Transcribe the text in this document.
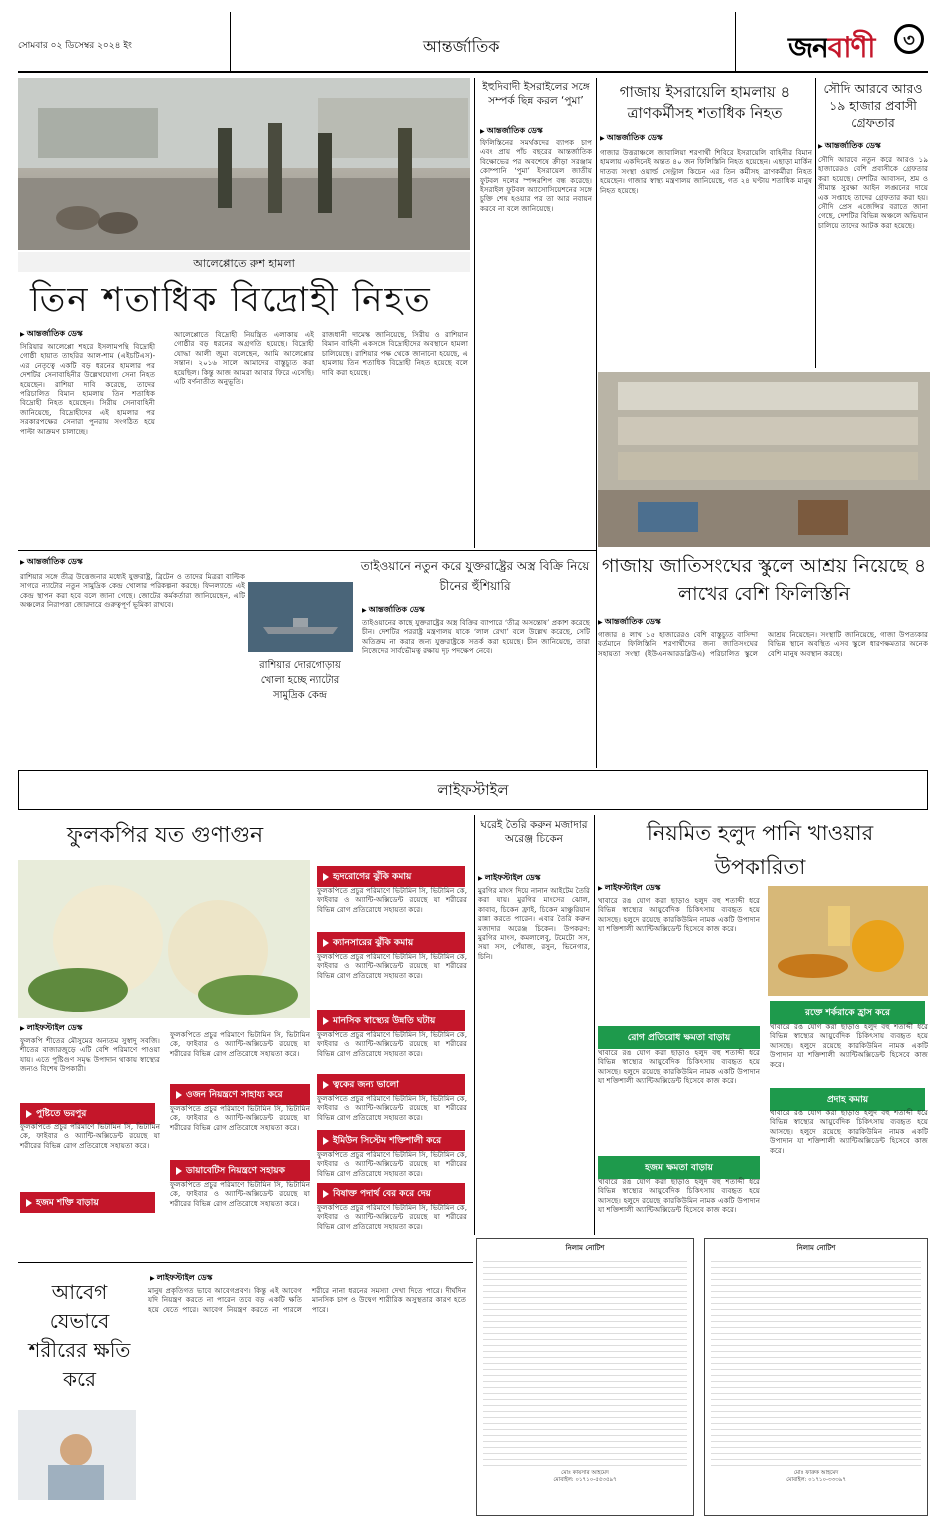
সোমবার ০২ ডিসেম্বর ২০২৪ ইং	আন্তর্জাতিক	জনবাণী	৩
আলেপ্পোতে রুশ হামলা
তিন শতাধিক বিদ্রোহী নিহত
▶ আন্তর্জাতিক ডেস্ক
সিরিয়ার আলেপ্পো শহরে ইসলামপন্থি বিদ্রোহী গোষ্ঠী হায়াত তাহরির আল-শাম (এইচটিএস)-এর নেতৃত্বে একটি বড় ধরনের হামলার পর দেশটির সেনাবাহিনীর উল্লেখযোগ্য সেনা নিহত হয়েছেন। রাশিয়া দাবি করেছে, তাদের পরিচালিত বিমান হামলায় তিন শতাধিক বিদ্রোহী নিহত হয়েছেন। সিরীয় সেনাবাহিনী জানিয়েছে, বিদ্রোহীদের এই হামলার পর সরকারপক্ষের সেনারা পুনরায় সংগঠিত হয়ে পাল্টা আক্রমণ চালাচ্ছে।
আলেপ্পোতে বিদ্রোহী নিয়ন্ত্রিত এলাকায় এই গোষ্ঠীর বড় ধরনের অগ্রগতি হয়েছে। বিদ্রোহী যোদ্ধা আলী জুমা বলেছেন, আমি আলেপ্পোর সন্তান। ২০১৬ সালে আমাদের বাস্তুচ্যুত করা হয়েছিল। কিন্তু আজ আমরা আবার ফিরে এসেছি। এটি বর্ণনাতীত অনুভূতি।
রাজধানী দামেস্ক জানিয়েছে, সিরীয় ও রাশিয়ান বিমান বাহিনী একসঙ্গে বিদ্রোহীদের অবস্থানে হামলা চালিয়েছে। রাশিয়ার পক্ষ থেকে জানানো হয়েছে, এ হামলায় তিন শতাধিক বিদ্রোহী নিহত হয়েছে বলে দাবি করা হয়েছে।
ইহুদিবাদী ইসরাইলের সঙ্গে সম্পর্ক ছিন্ন করল ‘পুমা’
▶ আন্তর্জাতিক ডেস্ক
ফিলিস্তিনের সমর্থকদের ব্যাপক চাপ এবং প্রায় পাঁচ বছরের আন্তর্জাতিক বিক্ষোভের পর অবশেষে ক্রীড়া সরঞ্জাম কোম্পানি ‘পুমা’ ইসরায়েল জাতীয় ফুটবল দলের স্পন্সরশিপ বন্ধ করেছে। ইসরাইল ফুটবল অ্যাসোসিয়েশনের সঙ্গে চুক্তি শেষ হওয়ার পর তা আর নবায়ন করবে না বলে জানিয়েছে।
গাজায় ইসরায়েলি হামলায় ৪ ত্রাণকর্মীসহ শতাধিক নিহত
▶ আন্তর্জাতিক ডেস্ক
গাজার উত্তরাঞ্চলে জাবালিয়া শরণার্থী শিবিরে ইসরায়েলি বাহিনীর বিমান হামলায় একদিনেই অন্তত ৪০ জন ফিলিস্তিনি নিহত হয়েছেন। এছাড়া মার্কিন দাতব্য সংস্থা ওয়ার্ল্ড সেন্ট্রাল কিচেন এর তিন কর্মীসহ ত্রাণকর্মীরা নিহত হয়েছেন। গাজার স্বাস্থ্য মন্ত্রণালয় জানিয়েছে, গত ২৪ ঘণ্টায় শতাধিক মানুষ নিহত হয়েছে।
সৌদি আরবে আরও ১৯ হাজার প্রবাসী গ্রেফতার
▶ আন্তর্জাতিক ডেস্ক
সৌদি আরবে নতুন করে আরও ১৯ হাজারেরও বেশি প্রবাসীকে গ্রেফতার করা হয়েছে। দেশটির আবাসন, শ্রম ও সীমান্ত সুরক্ষা আইন লঙ্ঘনের দায়ে এক সপ্তাহে তাদের গ্রেফতার করা হয়। সৌদি প্রেস এজেন্সির বরাতে জানা গেছে, দেশটির বিভিন্ন অঞ্চলে অভিযান চালিয়ে তাদের আটক করা হয়েছে।
গাজায় জাতিসংঘের স্কুলে আশ্রয় নিয়েছে ৪ লাখের বেশি ফিলিস্তিনি
▶ আন্তর্জাতিক ডেস্ক
গাজার ৪ লাখ ১৫ হাজারেরও বেশি বাস্তুচ্যুত বাসিন্দা বর্তমানে ফিলিস্তিনি শরণার্থীদের জন্য জাতিসংঘের সহায়তা সংস্থা (ইউএনআরডব্লিউএ) পরিচালিত স্কুলে আশ্রয় নিয়েছেন। সংস্থাটি জানিয়েছে, গাজা উপত্যকার বিভিন্ন স্থানে অবস্থিত এসব স্কুলে ধারণক্ষমতার অনেক বেশি মানুষ অবস্থান করছে।
▶ আন্তর্জাতিক ডেস্ক
রাশিয়ার সঙ্গে তীব্র উত্তেজনার মধ্যেই যুক্তরাষ্ট্র, ব্রিটেন ও তাদের মিত্ররা বাল্টিক সাগরে ন্যাটোর নতুন সামুদ্রিক কেন্দ্র খোলার পরিকল্পনা করছে। ফিনল্যান্ডে এই কেন্দ্র স্থাপন করা হবে বলে জানা গেছে। জোটের কর্মকর্তারা জানিয়েছেন, এটি অঞ্চলের নিরাপত্তা জোরদারে গুরুত্বপূর্ণ ভূমিকা রাখবে।
রাশিয়ার দোরগোড়ায় খোলা হচ্ছে ন্যাটোর সামুদ্রিক কেন্দ্র
তাইওয়ানে নতুন করে যুক্তরাষ্ট্রের অস্ত্র বিক্রি নিয়ে চীনের হুঁশিয়ারি
▶ আন্তর্জাতিক ডেস্ক
তাইওয়ানের কাছে যুক্তরাষ্ট্রের অস্ত্র বিক্রির ব্যাপারে ‘তীব্র অসন্তোষ’ প্রকাশ করেছে চীন। দেশটির পররাষ্ট্র মন্ত্রণালয় যাকে ‘লাল রেখা’ বলে উল্লেখ করেছে, সেটি অতিক্রম না করার জন্য যুক্তরাষ্ট্রকে সতর্ক করা হয়েছে। চীন জানিয়েছে, তারা নিজেদের সার্বভৌমত্ব রক্ষায় দৃঢ় পদক্ষেপ নেবে।
লাইফস্টাইল
ফুলকপির যত গুণাগুন
▶ লাইফস্টাইল ডেস্ক
ফুলকপি শীতের মৌসুমের অন্যতম সুস্বাদু সবজি। শীতের বাজারজুড়ে এটি বেশি পরিমাণে পাওয়া যায়। এতে পুষ্টিগুণ সমৃদ্ধ উপাদান থাকায় স্বাস্থ্যের জন্যও বিশেষ উপকারী।
পুষ্টিতে ভরপুর
ফুলকপিতে প্রচুর পরিমাণে ভিটামিন সি, ভিটামিন কে, ফাইবার ও অ্যান্টি-অক্সিডেন্ট রয়েছে যা শরীরের বিভিন্ন রোগ প্রতিরোধে সহায়তা করে।
হজম শক্তি বাড়ায়
ফুলকপিতে প্রচুর পরিমাণে ভিটামিন সি, ভিটামিন কে, ফাইবার ও অ্যান্টি-অক্সিডেন্ট রয়েছে যা শরীরের বিভিন্ন রোগ প্রতিরোধে সহায়তা করে।
ওজন নিয়ন্ত্রণে সাহায্য করে
ফুলকপিতে প্রচুর পরিমাণে ভিটামিন সি, ভিটামিন কে, ফাইবার ও অ্যান্টি-অক্সিডেন্ট রয়েছে যা শরীরের বিভিন্ন রোগ প্রতিরোধে সহায়তা করে।
ডায়াবেটিস নিয়ন্ত্রণে সহায়ক
ফুলকপিতে প্রচুর পরিমাণে ভিটামিন সি, ভিটামিন কে, ফাইবার ও অ্যান্টি-অক্সিডেন্ট রয়েছে যা শরীরের বিভিন্ন রোগ প্রতিরোধে সহায়তা করে।
হৃদরোগের ঝুঁকি কমায়
ফুলকপিতে প্রচুর পরিমাণে ভিটামিন সি, ভিটামিন কে, ফাইবার ও অ্যান্টি-অক্সিডেন্ট রয়েছে যা শরীরের বিভিন্ন রোগ প্রতিরোধে সহায়তা করে।
ক্যানসারের ঝুঁকি কমায়
ফুলকপিতে প্রচুর পরিমাণে ভিটামিন সি, ভিটামিন কে, ফাইবার ও অ্যান্টি-অক্সিডেন্ট রয়েছে যা শরীরের বিভিন্ন রোগ প্রতিরোধে সহায়তা করে।
মানসিক স্বাস্থ্যের উন্নতি ঘটায়
ফুলকপিতে প্রচুর পরিমাণে ভিটামিন সি, ভিটামিন কে, ফাইবার ও অ্যান্টি-অক্সিডেন্ট রয়েছে যা শরীরের বিভিন্ন রোগ প্রতিরোধে সহায়তা করে।
ত্বকের জন্য ভালো
ফুলকপিতে প্রচুর পরিমাণে ভিটামিন সি, ভিটামিন কে, ফাইবার ও অ্যান্টি-অক্সিডেন্ট রয়েছে যা শরীরের বিভিন্ন রোগ প্রতিরোধে সহায়তা করে।
ইমিউন সিস্টেম শক্তিশালী করে
ফুলকপিতে প্রচুর পরিমাণে ভিটামিন সি, ভিটামিন কে, ফাইবার ও অ্যান্টি-অক্সিডেন্ট রয়েছে যা শরীরের বিভিন্ন রোগ প্রতিরোধে সহায়তা করে।
বিষাক্ত পদার্থ বের করে দেয়
ফুলকপিতে প্রচুর পরিমাণে ভিটামিন সি, ভিটামিন কে, ফাইবার ও অ্যান্টি-অক্সিডেন্ট রয়েছে যা শরীরের বিভিন্ন রোগ প্রতিরোধে সহায়তা করে।
ঘরেই তৈরি করুন মজাদার অরেঞ্জ চিকেন
▶ লাইফস্টাইল ডেস্ক
মুরগির মাংস দিয়ে নানান আইটেম তৈরি করা যায়। মুরগির মাংসের ঝোল, কাবাব, চিকেন ফ্রাই, চিকেন মাঞ্চুরিয়ান রান্না করতে পারেন। এবার তৈরি করুন মজাদার অরেঞ্জ চিকেন। উপকরণ: মুরগির মাংস, কমলালেবু, টমেটো সস, সয়া সস, পেঁয়াজ, রসুন, ভিনেগার, চিনি।
নিয়মিত হলুদ পানি খাওয়ার উপকারিতা
▶ লাইফস্টাইল ডেস্ক
খাবারে রঙ যোগ করা ছাড়াও হলুদ বহু শতাব্দী ধরে বিভিন্ন স্বাস্থ্যের আয়ুর্বেদিক চিকিৎসায় ব্যবহৃত হয়ে আসছে। হলুদে রয়েছে কারকিউমিন নামক একটি উপাদান যা শক্তিশালী অ্যান্টিঅক্সিডেন্ট হিসেবে কাজ করে।
রোগ প্রতিরোধ ক্ষমতা বাড়ায়
খাবারে রঙ যোগ করা ছাড়াও হলুদ বহু শতাব্দী ধরে বিভিন্ন স্বাস্থ্যের আয়ুর্বেদিক চিকিৎসায় ব্যবহৃত হয়ে আসছে। হলুদে রয়েছে কারকিউমিন নামক একটি উপাদান যা শক্তিশালী অ্যান্টিঅক্সিডেন্ট হিসেবে কাজ করে।
হজম ক্ষমতা বাড়ায়
খাবারে রঙ যোগ করা ছাড়াও হলুদ বহু শতাব্দী ধরে বিভিন্ন স্বাস্থ্যের আয়ুর্বেদিক চিকিৎসায় ব্যবহৃত হয়ে আসছে। হলুদে রয়েছে কারকিউমিন নামক একটি উপাদান যা শক্তিশালী অ্যান্টিঅক্সিডেন্ট হিসেবে কাজ করে।
রক্তে শর্করাকে হ্রাস করে
খাবারে রঙ যোগ করা ছাড়াও হলুদ বহু শতাব্দী ধরে বিভিন্ন স্বাস্থ্যের আয়ুর্বেদিক চিকিৎসায় ব্যবহৃত হয়ে আসছে। হলুদে রয়েছে কারকিউমিন নামক একটি উপাদান যা শক্তিশালী অ্যান্টিঅক্সিডেন্ট হিসেবে কাজ করে।
প্রদাহ কমায়
খাবারে রঙ যোগ করা ছাড়াও হলুদ বহু শতাব্দী ধরে বিভিন্ন স্বাস্থ্যের আয়ুর্বেদিক চিকিৎসায় ব্যবহৃত হয়ে আসছে। হলুদে রয়েছে কারকিউমিন নামক একটি উপাদান যা শক্তিশালী অ্যান্টিঅক্সিডেন্ট হিসেবে কাজ করে।
আবেগ যেভাবে শরীরের ক্ষতি করে
▶ লাইফস্টাইল ডেস্ক
মানুষ প্রকৃতিগত ভাবে আবেগপ্রবণ। কিন্তু এই আবেগ যদি নিয়ন্ত্রণ করতে না পারেন তবে বড় একটি ক্ষতি হয়ে যেতে পারে। আবেগ নিয়ন্ত্রণ করতে না পারলে শরীরে নানা ধরনের সমস্যা দেখা দিতে পারে। দীর্ঘদিন মানসিক চাপ ও উদ্বেগ শারীরিক অসুস্থতার কারণ হতে পারে।
নিলাম নোটিশ
মোঃ কায়সার আহমেদ
মোবাইল: ০১৭১০-৫৫৩৫৯৭
নিলাম নোটিশ
মোঃ ফারুক আহমেদ
মোবাইল: ০১৭১০-৩৩৩৯৭
